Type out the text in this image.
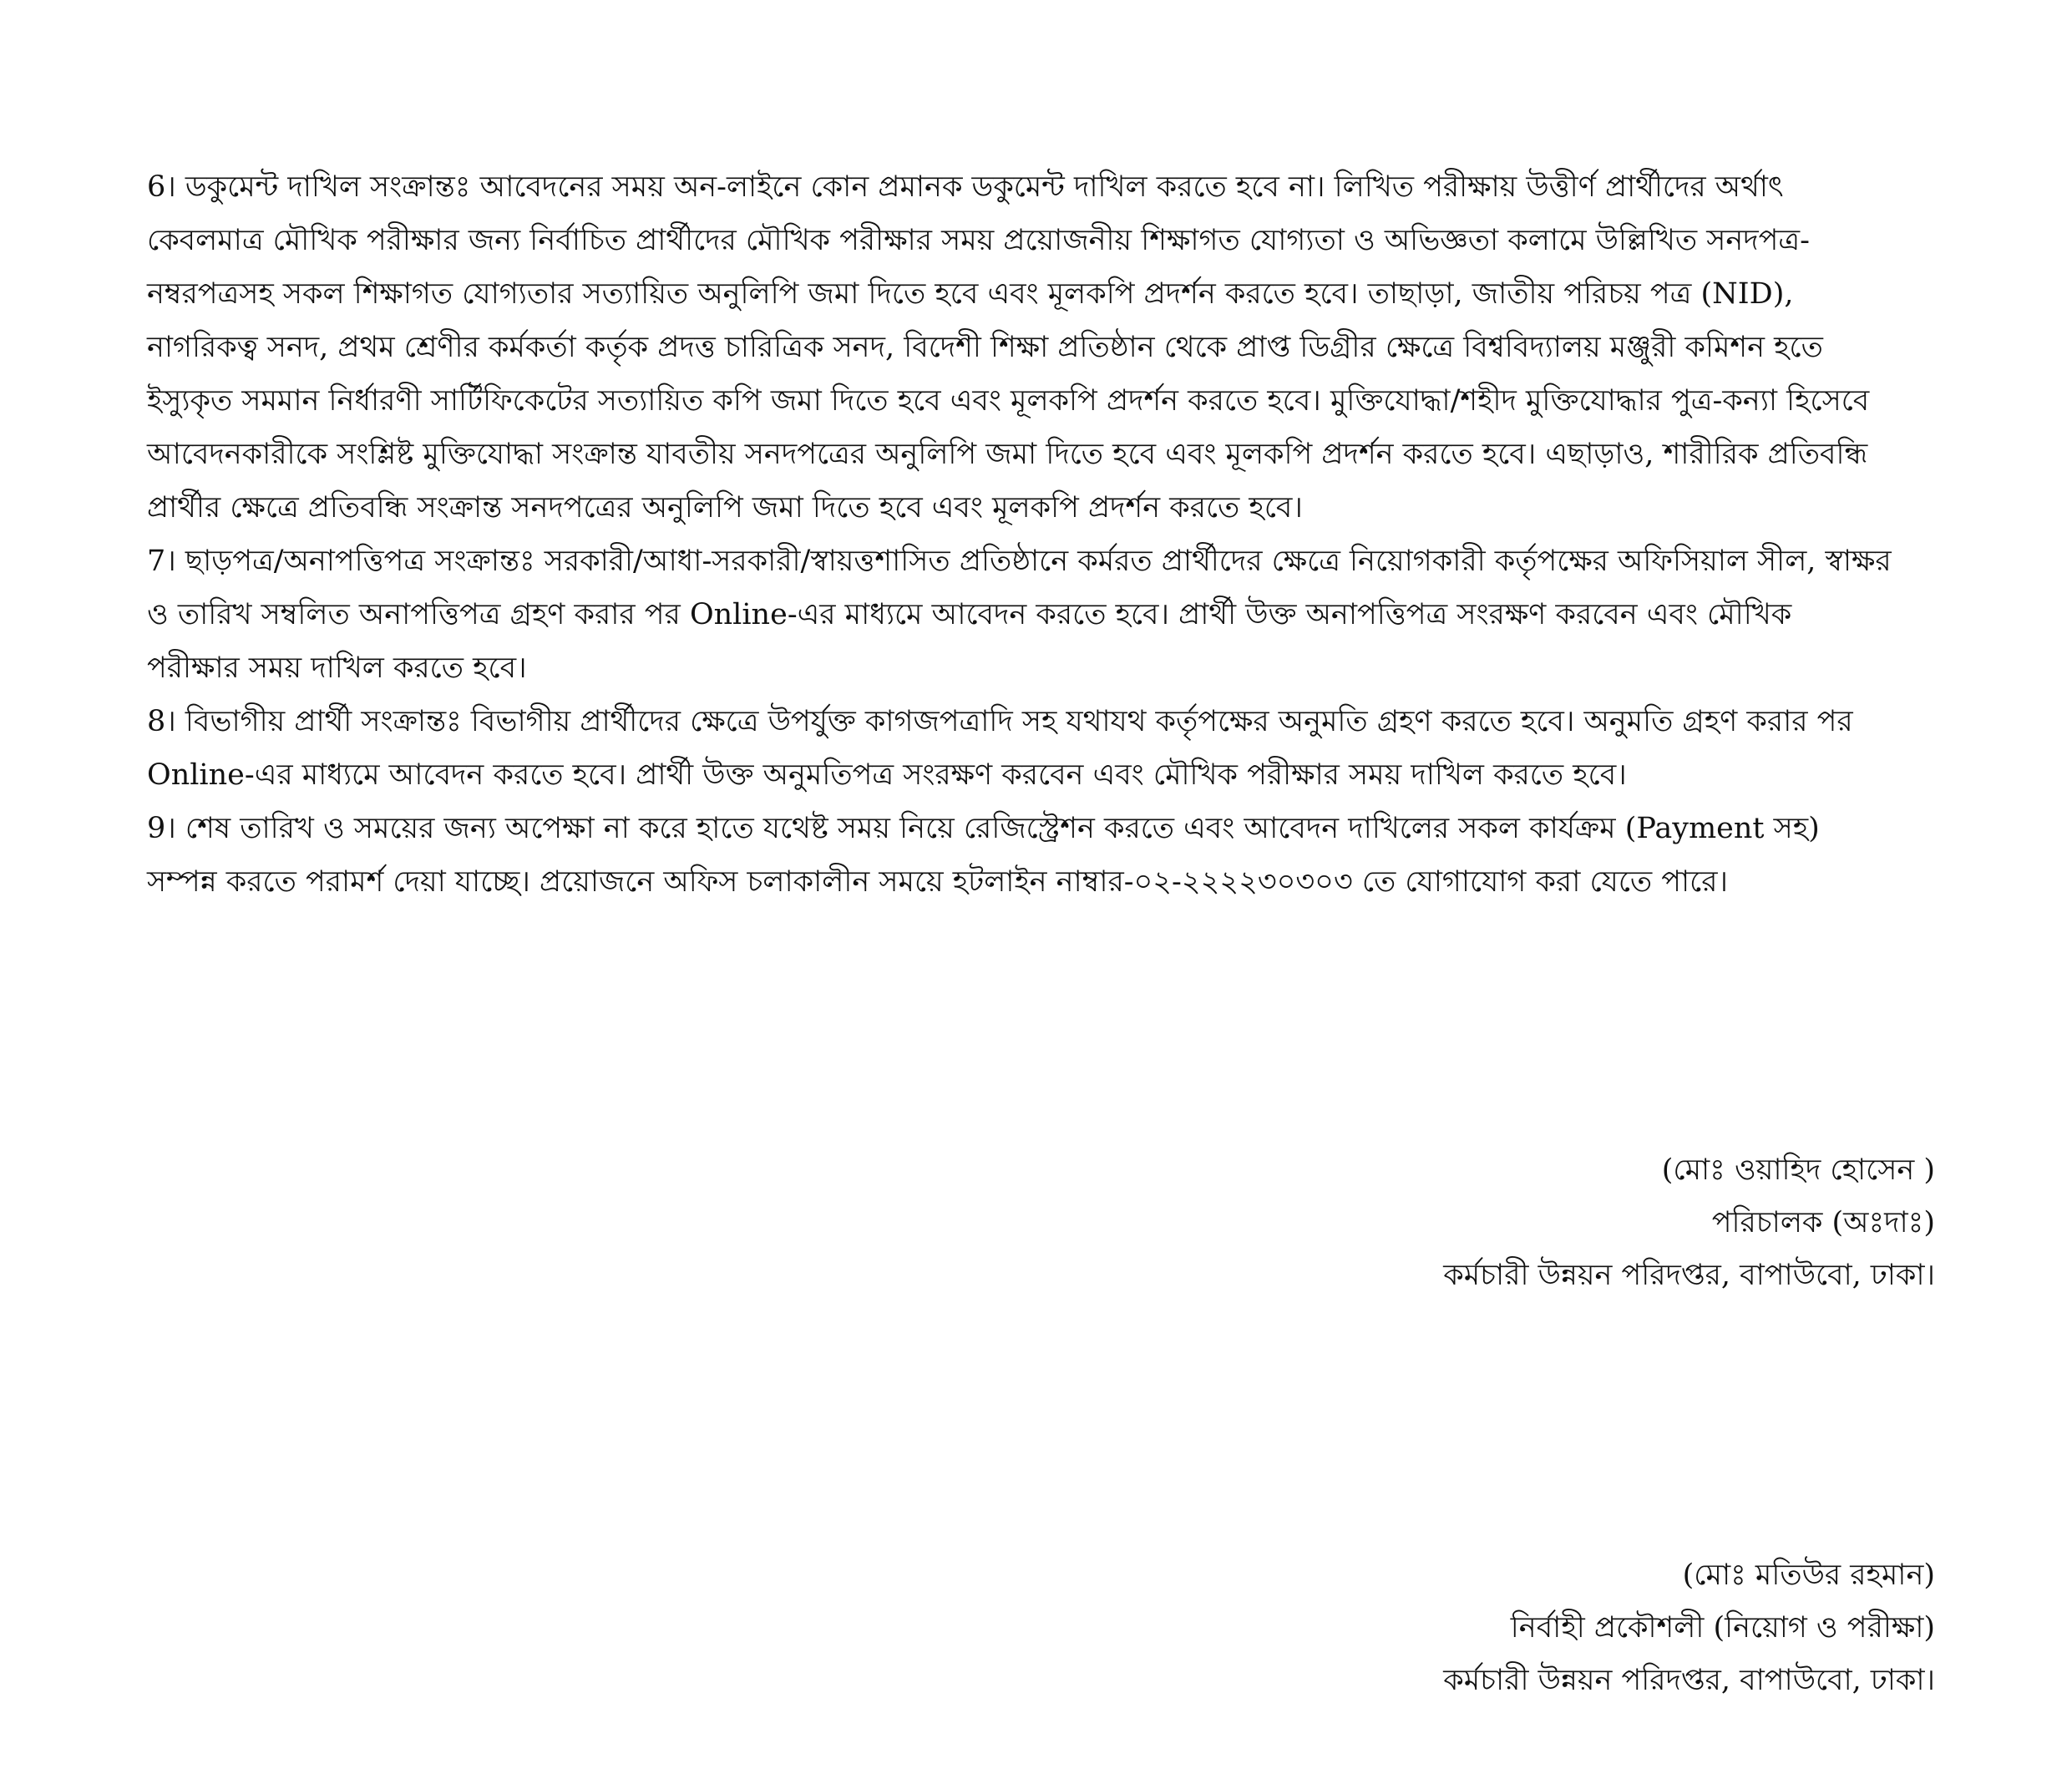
6। ডকুমেন্ট দাখিল সংক্রান্তঃ আবেদনের সময় অন-লাইনে কোন প্রমানক ডকুমেন্ট দাখিল করতে হবে না। লিখিত পরীক্ষায় উত্তীর্ণ প্রার্থীদের অর্থাৎ
কেবলমাত্র মৌখিক পরীক্ষার জন্য নির্বাচিত প্রার্থীদের মৌখিক পরীক্ষার সময় প্রয়োজনীয় শিক্ষাগত যোগ্যতা ও অভিজ্ঞতা কলামে উল্লিখিত সনদপত্র-
নম্বরপত্রসহ সকল শিক্ষাগত যোগ্যতার সত্যায়িত অনুলিপি জমা দিতে হবে এবং মূলকপি প্রদর্শন করতে হবে। তাছাড়া, জাতীয় পরিচয় পত্র (NID),
নাগরিকত্ব সনদ, প্রথম শ্রেণীর কর্মকর্তা কর্তৃক প্রদত্ত চারিত্রিক সনদ, বিদেশী শিক্ষা প্রতিষ্ঠান থেকে প্রাপ্ত ডিগ্রীর ক্ষেত্রে বিশ্ববিদ্যালয় মঞ্জুরী কমিশন হতে
ইস্যুকৃত সমমান নির্ধারণী সার্টিফিকেটের সত্যায়িত কপি জমা দিতে হবে এবং মূলকপি প্রদর্শন করতে হবে। মুক্তিযোদ্ধা/শহীদ মুক্তিযোদ্ধার পুত্র-কন্যা হিসেবে
আবেদনকারীকে সংশ্লিষ্ট মুক্তিযোদ্ধা সংক্রান্ত যাবতীয় সনদপত্রের অনুলিপি জমা দিতে হবে এবং মূলকপি প্রদর্শন করতে হবে। এছাড়াও, শারীরিক প্রতিবন্ধি
প্রার্থীর ক্ষেত্রে প্রতিবন্ধি সংক্রান্ত সনদপত্রের অনুলিপি জমা দিতে হবে এবং মূলকপি প্রদর্শন করতে হবে।

7। ছাড়পত্র/অনাপত্তিপত্র সংক্রান্তঃ সরকারী/আধা-সরকারী/স্বায়ত্তশাসিত প্রতিষ্ঠানে কর্মরত প্রার্থীদের ক্ষেত্রে নিয়োগকারী কর্তৃপক্ষের অফিসিয়াল সীল, স্বাক্ষর
ও তারিখ সম্বলিত অনাপত্তিপত্র গ্রহণ করার পর Online-এর মাধ্যমে আবেদন করতে হবে। প্রার্থী উক্ত অনাপত্তিপত্র সংরক্ষণ করবেন এবং মৌখিক
পরীক্ষার সময় দাখিল করতে হবে।

8। বিভাগীয় প্রার্থী সংক্রান্তঃ বিভাগীয় প্রার্থীদের ক্ষেত্রে উপর্যুক্ত কাগজপত্রাদি সহ যথাযথ কর্তৃপক্ষের অনুমতি গ্রহণ করতে হবে। অনুমতি গ্রহণ করার পর
Online-এর মাধ্যমে আবেদন করতে হবে। প্রার্থী উক্ত অনুমতিপত্র সংরক্ষণ করবেন এবং মৌখিক পরীক্ষার সময় দাখিল করতে হবে।

9। শেষ তারিখ ও সময়ের জন্য অপেক্ষা না করে হাতে যথেষ্ট সময় নিয়ে রেজিস্ট্রেশন করতে এবং আবেদন দাখিলের সকল কার্যক্রম (Payment সহ)
সম্পন্ন করতে পরামর্শ দেয়া যাচ্ছে। প্রয়োজনে অফিস চলাকালীন সময়ে হটলাইন নাম্বার-০২-২২২২৩০৩০৩ তে যোগাযোগ করা যেতে পারে।

(মোঃ ওয়াহিদ হোসেন )
পরিচালক (অঃদাঃ)
কর্মচারী উন্নয়ন পরিদপ্তর, বাপাউবো, ঢাকা।
(মোঃ মতিউর রহমান)
নির্বাহী প্রকৌশলী (নিয়োগ ও পরীক্ষা)
কর্মচারী উন্নয়ন পরিদপ্তর, বাপাউবো, ঢাকা।
